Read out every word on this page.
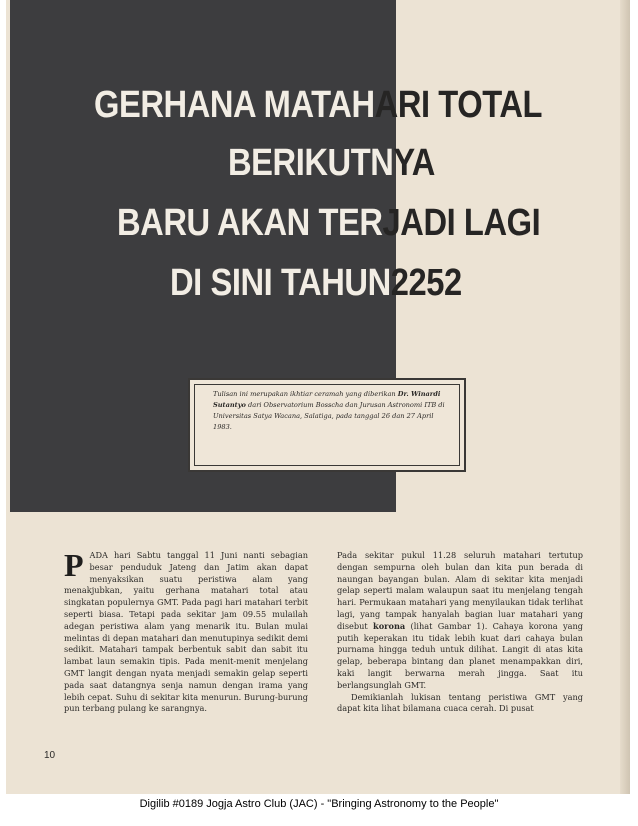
GERHANA MATAHARI TOTAL
BERIKUTNYA
BARU AKAN TERJADI LAGI
DI SINI TAHUN2252

Tulisan ini merupakan ikhtiar ceramah yang diberikan Dr. Winardi Sutantyo dari Observatorium Bosscha dan Jurusan Astronomi ITB di Universitas Satya Wacana, Salatiga, pada tanggal 26 dan 27 April 1983.

P ADA hari Sabtu tanggal 11 Juni nanti sebagian besar penduduk Jateng dan Jatim akan dapat menyaksikan suatu peristiwa alam yang menakjubkan, yaitu gerhana matahari total atau singkatan populernya GMT. Pada pagi hari matahari terbit seperti biasa. Tetapi pada sekitar jam 09.55 mulailah adegan peristiwa alam yang menarik itu. Bulan mulai melintas di depan matahari dan menutupinya sedikit demi sedikit. Matahari tampak berbentuk sabit dan sabit itu lambat laun semakin tipis. Pada menit-menit menjelang GMT langit dengan nyata menjadi semakin gelap seperti pada saat datangnya senja namun dengan irama yang lebih cepat. Suhu di sekitar kita menurun. Burung-burung pun terbang pulang ke sarangnya.

Pada sekitar pukul 11.28 seluruh matahari tertutup dengan sempurna oleh bulan dan kita pun berada di naungan bayangan bulan. Alam di sekitar kita menjadi gelap seperti malam walaupun saat itu menjelang tengah hari. Permukaan matahari yang menyilaukan tidak terlihat lagi, yang tampak hanyalah bagian luar matahari yang disebut korona (lihat Gambar 1). Cahaya korona yang putih keperakan itu tidak lebih kuat dari cahaya bulan purnama hingga teduh untuk dilihat. Langit di atas kita gelap, beberapa bintang dan planet menampakkan diri, kaki langit berwarna merah jingga. Saat itu berlangsunglah GMT.

Demikianlah lukisan tentang peristiwa GMT yang dapat kita lihat bilamana cuaca cerah. Di pusat

10
Digilib #0189 Jogja Astro Club (JAC) - "Bringing Astronomy to the People"
